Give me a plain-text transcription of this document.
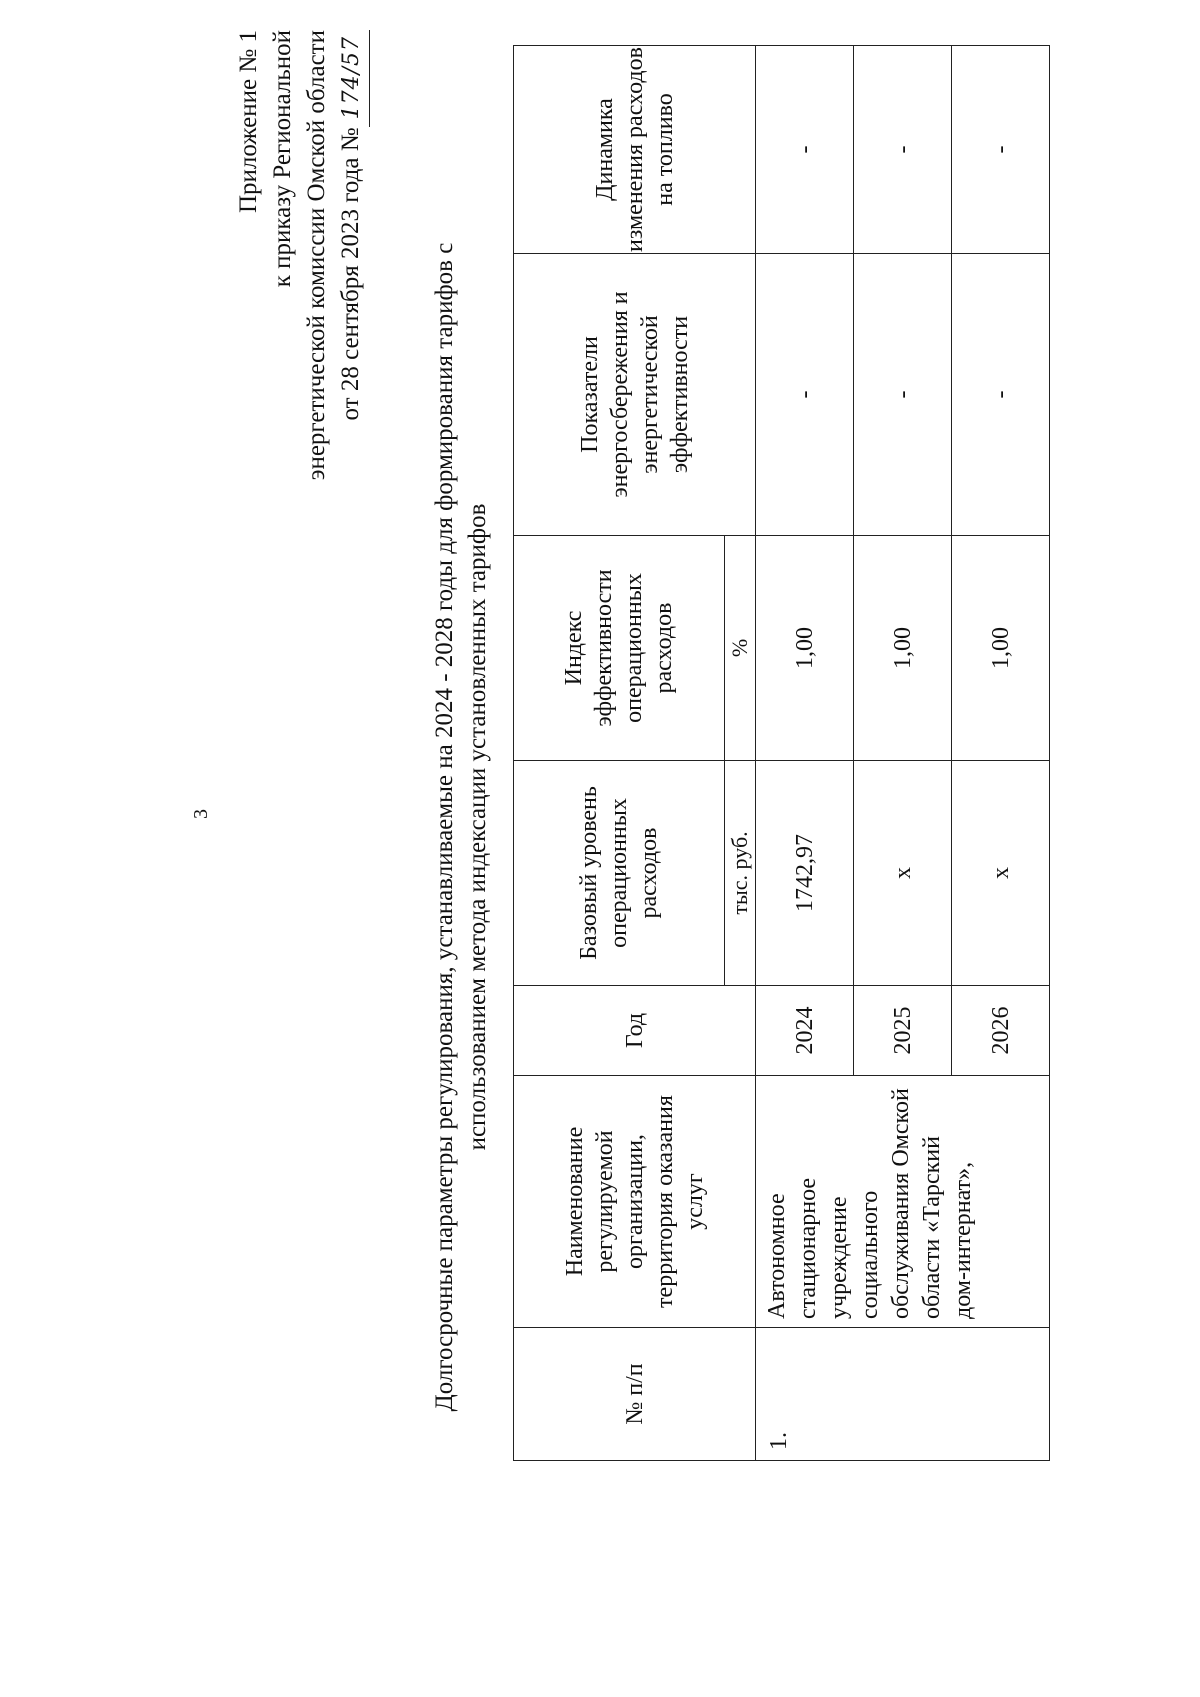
3
Приложение № 1 к приказу Региональной энергетической комиссии Омской области от 28 сентября 2023 года №174/57
Долгосрочные параметры регулирования, устанавливаемые на 2024 - 2028 годы для формирования тарифов с использованием метода индексации установленных тарифов
№ п/п	Наименование регулируемой организации, территория оказания услуг	Год	Базовый уровень операционных расходов	Индекс эффективности операционных расходов	Показатели энергосбережения и энергетической эффективности	Динамика изменения расходов на топливо
			тыс. руб.	%		
1.	Автономное стационарное учреждение социального обслуживания Омской области «Тарский дом-интернат»,	2024	1742,97	1,00	-	-
		2025	х	1,00	-	-
		2026	х	1,00	-	-
